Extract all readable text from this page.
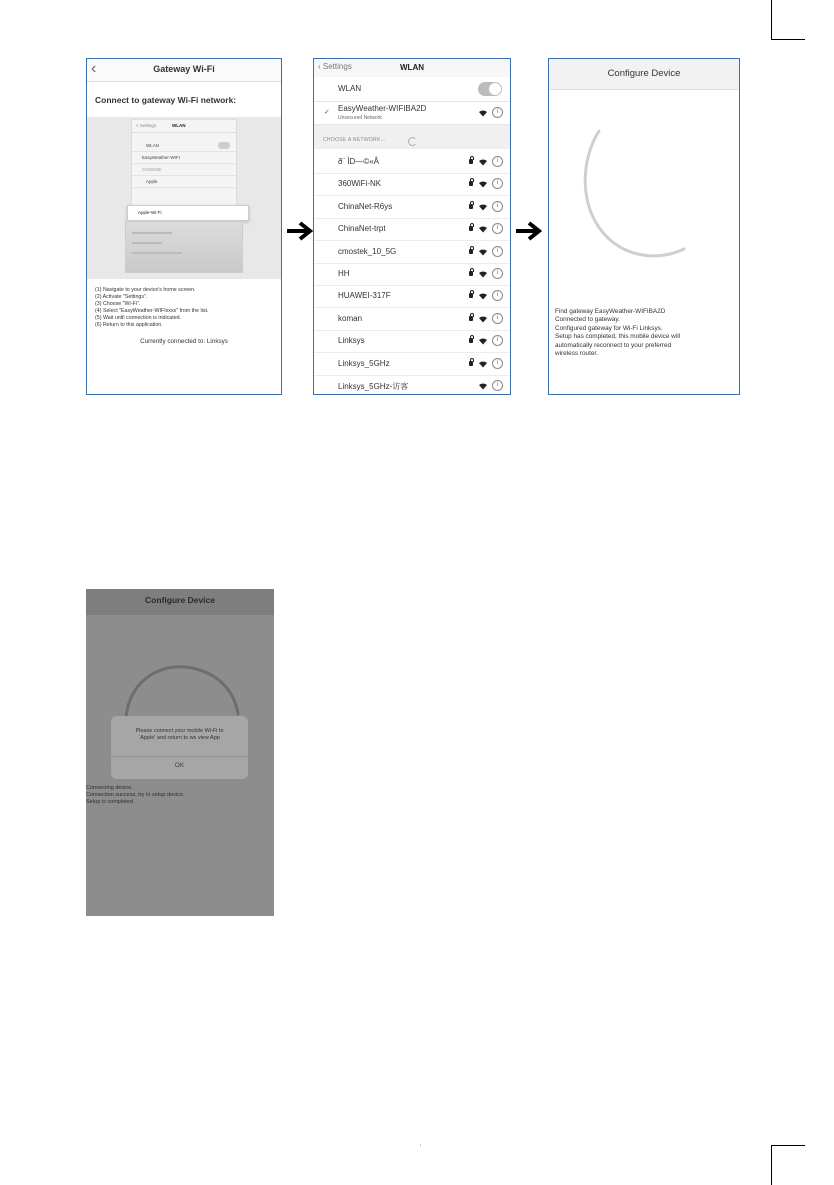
‹	Gateway Wi-Fi
Connect to gateway Wi-Fi network:
< Settings	WLAN
WLAN
EasyWeather-WIFI
CHOOSE
Apple
Apple-Wi-Fi
(1) Navigate to your device's home screen.
(2) Activate "Settings".
(3) Choose "Wi-Fi".
(4) Select "EasyWeather-WIFIxxxx" from the list.
(5) Wait until connection is indicated.
(6) Return to this application.
Currently connected to: Linksys
‹ Settings	WLAN
WLAN
✓ EasyWeather-WIFIBA2D
Unsecured Network
i
CHOOSE A NETWORK...
ð¨ ÌD—©«Å	i
360WiFi-NK	i
ChinaNet-R6ys	i
ChinaNet-trpt	i
cmostek_10_5G	i
HH	i
HUAWEI-317F	i
koman	i
Linksys	i
Linksys_5GHz	i
Linksys_5GHz-访客	i
Configure Device
Find gateway EasyWeather-WIFIBA2D
Connected to gateway.
Configured gateway for Wi-Fi Linksys.
Setup has completed, this mobile device will
automatically reconnect to your preferred
wireless router.
Configure Device
Please connect your mobile Wi-Fi to
'Apple' and return to ws view App
OK
Connecting device.
Connection success, try to setup device.
Setup is completed.
'
